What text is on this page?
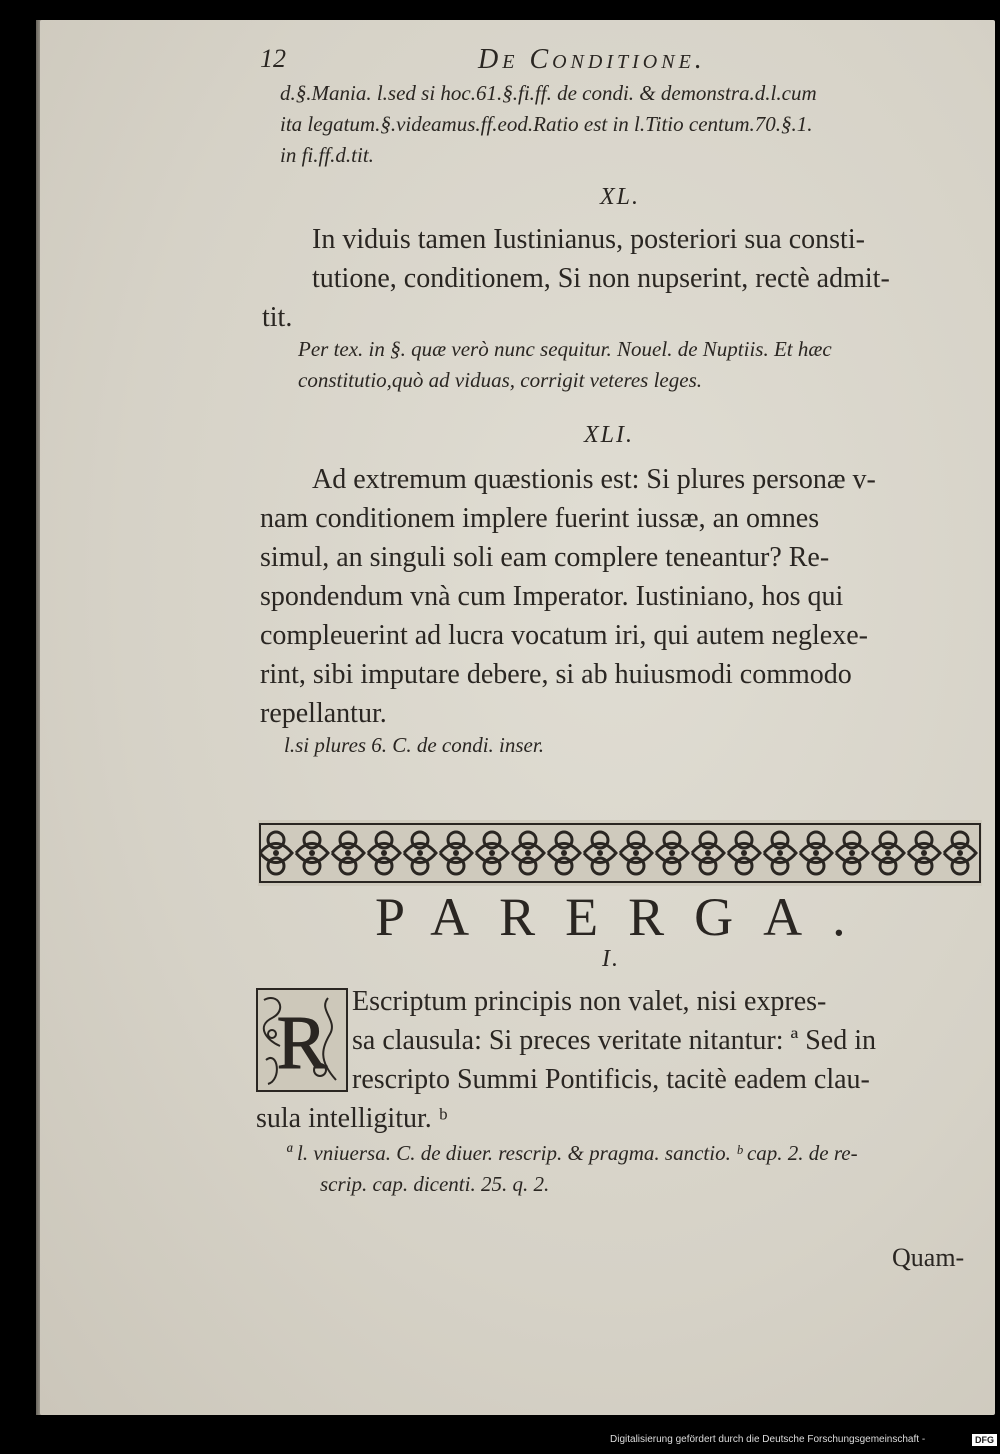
12	De Conditione.
d.§.Mania. l.sed si hoc.61.§.fi.ff. de condi. & demonstra.d.l.cum
ita legatum.§.videamus.ff.eod.Ratio est in l.Titio centum.70.§.1.
in fi.ff.d.tit.
XL.
In viduis tamen Iustinianus, posteriori sua consti-
tutione, conditionem, Si non nupserint, rectè admit-
tit.
Per tex. in §. quæ verò nunc sequitur. Nouel. de Nuptiis. Et hæc
constitutio,quò ad viduas, corrigit veteres leges.
XLI.
Ad extremum quæstionis est: Si plures personæ v-
nam conditionem implere fuerint iussæ, an omnes
simul, an singuli soli eam complere teneantur? Re-
spondendum vnà cum Imperator. Iustiniano, hos qui
compleuerint ad lucra vocatum iri, qui autem neglexe-
rint, sibi imputare debere, si ab huiusmodi commodo
repellantur.
l.si plures 6. C. de condi. inser.
PARERGA.
I.
R Escriptum principis non valet, nisi expres-
sa clausula: Si preces veritate nitantur: ª Sed in
rescripto Summi Pontificis, tacitè eadem clau-
sula intelligitur. ᵇ
ª l. vniuersa. C. de diuer. rescrip. & pragma. sanctio. ᵇ cap. 2. de re-
scrip. cap. dicenti. 25. q. 2.
Quam-
Digitalisierung gefördert durch die Deutsche Forschungsgemeinschaft -	DFG
